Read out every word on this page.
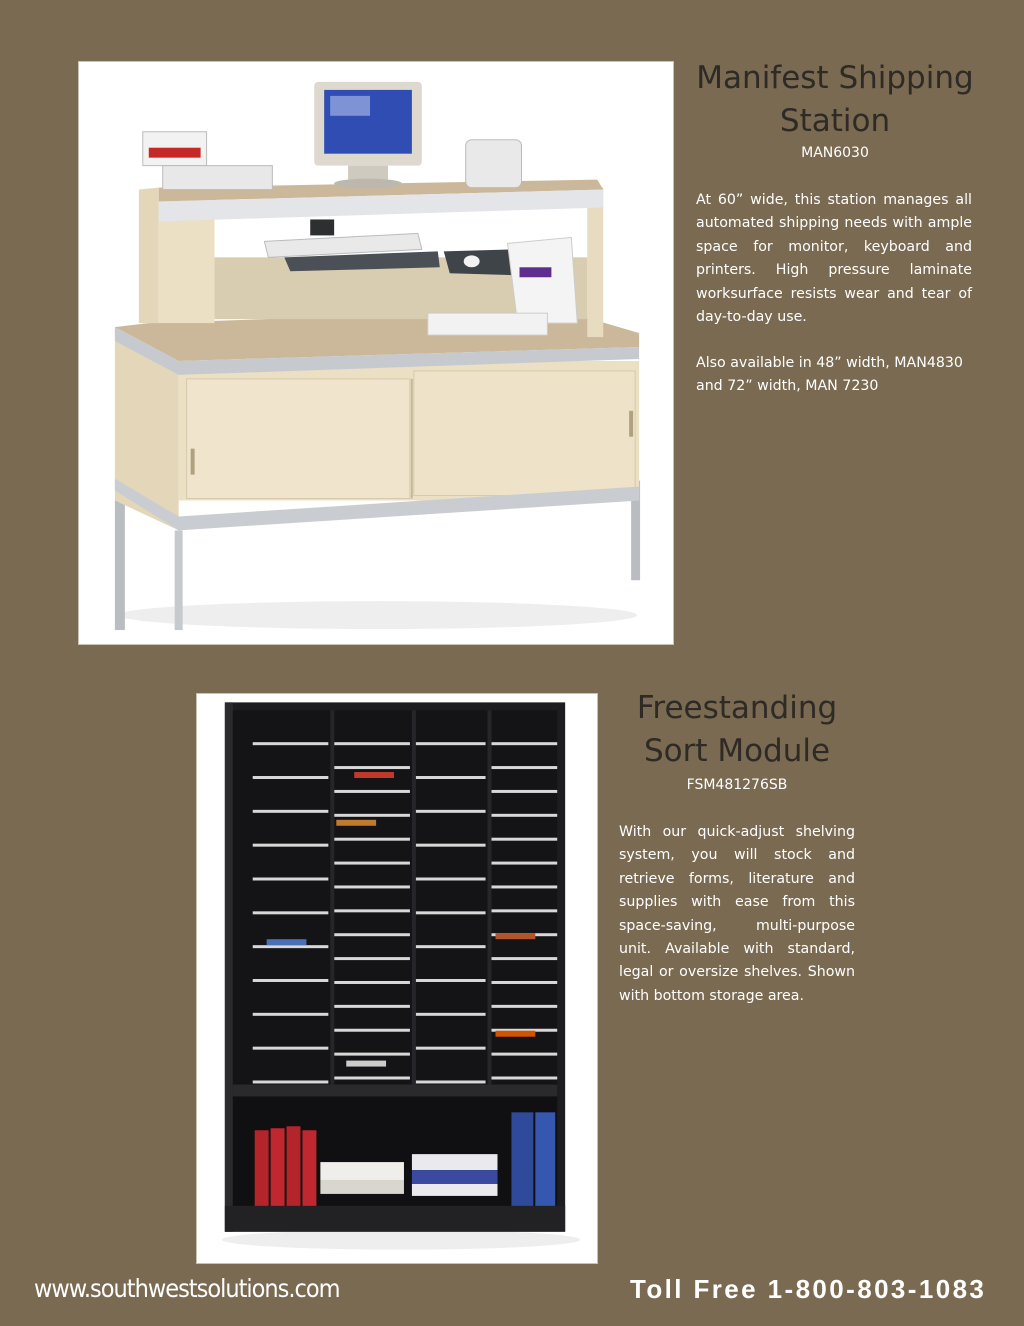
Manifest Shipping
Station
MAN6030

At 60” wide, this station manages all automated shipping needs with ample space for monitor, keyboard and printers. High pressure laminate worksurface resists wear and tear of day-to-day use.

Also available in 48” width, MAN4830
and 72” width, MAN 7230

Freestanding
Sort Module
FSM481276SB

With our quick-adjust shelving system, you will stock and retrieve forms, literature and supplies with ease from this space-saving, multi-purpose unit. Available with standard, legal or oversize shelves. Shown with bottom storage area.

www.southwestsolutions.com	Toll Free 1-800-803-1083
